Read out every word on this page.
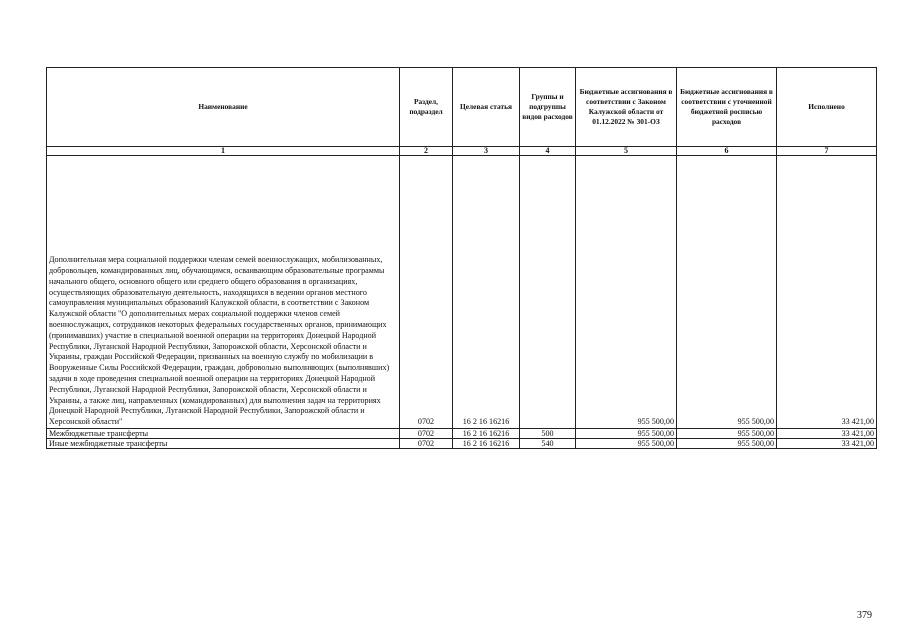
Наименование	Раздел, подраздел	Целевая статья	Группы и подгруппы видов расходов	Бюджетные ассигнования в соответствии с Законом Калужской области от 01.12.2022 № 301-ОЗ	Бюджетные ассигнования в соответствии с уточненной бюджетной росписью расходов	Исполнено
1	2	3	4	5	6	7
Дополнительная мера социальной поддержки членам семей военнослужащих, мобилизованных, добровольцев, командированных лиц, обучающимся, осваивающим образовательные программы начального общего, основного общего или среднего общего образования в организациях, осуществляющих образовательную деятельность, находящихся в ведении органов местного самоуправления муниципальных образований Калужской области, в соответствии с Законом Калужской области "О дополнительных мерах социальной поддержки членов семей военнослужащих, сотрудников некоторых федеральных государственных органов, принимающих (принимавших) участие в специальной военной операции на территориях Донецкой Народной Республики, Луганской Народной Республики, Запорожской области, Херсонской области и Украины, граждан Российской Федерации, призванных на военную службу по мобилизации в Вооруженные Силы Российской Федерации, граждан, добровольно выполняющих (выполнявших) задачи в ходе проведения специальной военной операции на территориях Донецкой Народной Республики, Луганской Народной Республики, Запорожской области, Херсонской области и Украины, а также лиц, направленных (командированных) для выполнения задач на территориях Донецкой Народной Республики, Луганской Народной Республики, Запорожской области и Херсонской области"	0702	16 2 16 16216		955 500,00	955 500,00	33 421,00
Межбюджетные трансферты	0702	16 2 16 16216	500	955 500,00	955 500,00	33 421,00
Иные межбюджетные трансферты	0702	16 2 16 16216	540	955 500,00	955 500,00	33 421,00
379
